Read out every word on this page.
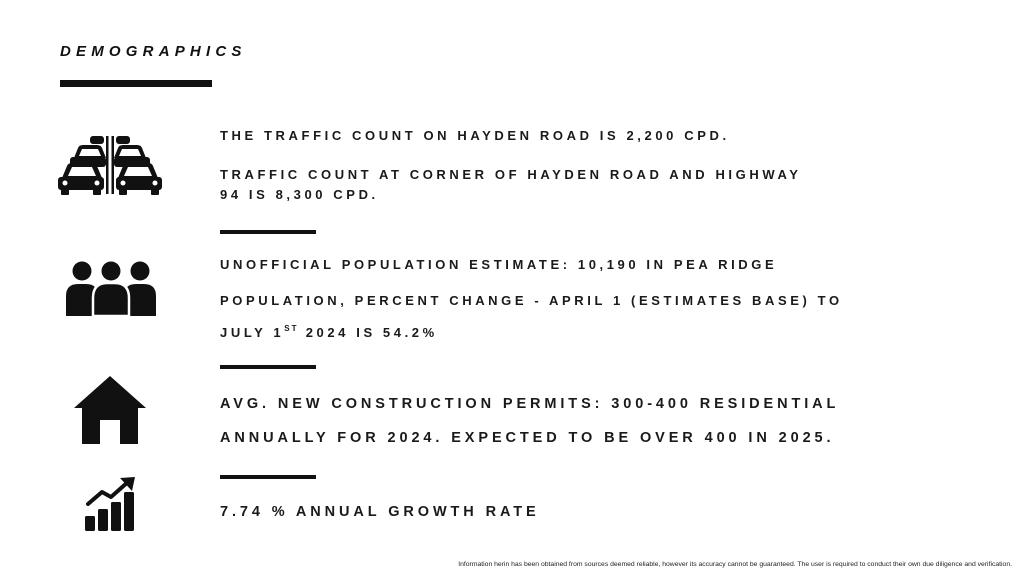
DEMOGRAPHICS
THE TRAFFIC COUNT ON HAYDEN ROAD IS 2,200 CPD.
TRAFFIC COUNT AT CORNER OF HAYDEN ROAD AND HIGHWAY
94 IS 8,300 CPD.
UNOFFICIAL POPULATION ESTIMATE: 10,190 IN PEA RIDGE
POPULATION, PERCENT CHANGE - APRIL 1 (ESTIMATES BASE) TO
JULY 1ST 2024 IS 54.2%
AVG. NEW CONSTRUCTION PERMITS: 300-400 RESIDENTIAL
ANNUALLY FOR 2024. EXPECTED TO BE OVER 400 IN 2025.
7.74 % ANNUAL GROWTH RATE
Information herin has been obtained from sources deemed reliable, however its accuracy cannot be guaranteed. The user is required to conduct their own due diligence and verification.
